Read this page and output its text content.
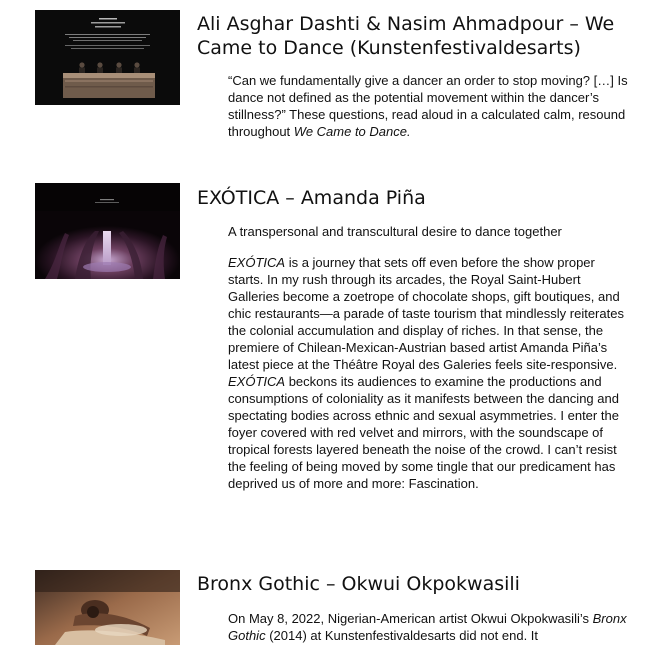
Ali Asghar Dashti & Nasim Ahmadpour – We Came to Dance (Kunstenfestivaldesarts)

“Can we fundamentally give a dancer an order to stop moving? […] Is dance not defined as the potential movement within the dancer’s stillness?” These questions, read aloud in a calculated calm, resound throughout We Came to Dance.

EXÓTICA – Amanda Piña

A transpersonal and transcultural desire to dance together

EXÓTICA is a journey that sets off even before the show proper starts. In my rush through its arcades, the Royal Saint-Hubert Galleries become a zoetrope of chocolate shops, gift boutiques, and chic restaurants—a parade of taste tourism that mindlessly reiterates the colonial accumulation and display of riches. In that sense, the premiere of Chilean-Mexican-Austrian based artist Amanda Piña’s latest piece at the Théâtre Royal des Galeries feels site-responsive. EXÓTICA beckons its audiences to examine the productions and consumptions of coloniality as it manifests between the dancing and spectating bodies across ethnic and sexual asymmetries. I enter the foyer covered with red velvet and mirrors, with the soundscape of tropical forests layered beneath the noise of the crowd. I can’t resist the feeling of being moved by some tingle that our predicament has deprived us of more and more: Fascination.

Bronx Gothic – Okwui Okpokwasili

On May 8, 2022, Nigerian-American artist Okwui Okpokwasili’s Bronx Gothic (2014) at Kunstenfestivaldesarts did not end. It
